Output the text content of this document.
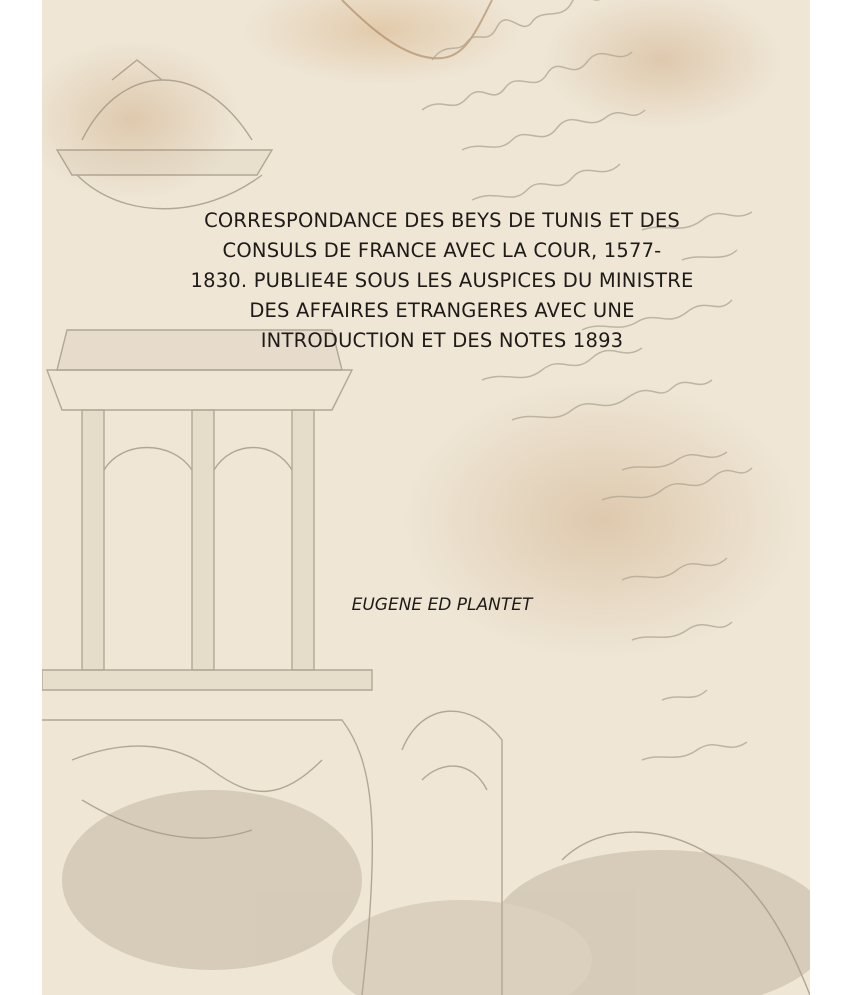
CORRESPONDANCE DES BEYS DE TUNIS ET DES
CONSULS DE FRANCE AVEC LA COUR, 1577-
1830. PUBLIE4E SOUS LES AUSPICES DU MINISTRE
DES AFFAIRES ETRANGERES AVEC UNE
INTRODUCTION ET DES NOTES 1893
EUGENE ED PLANTET
